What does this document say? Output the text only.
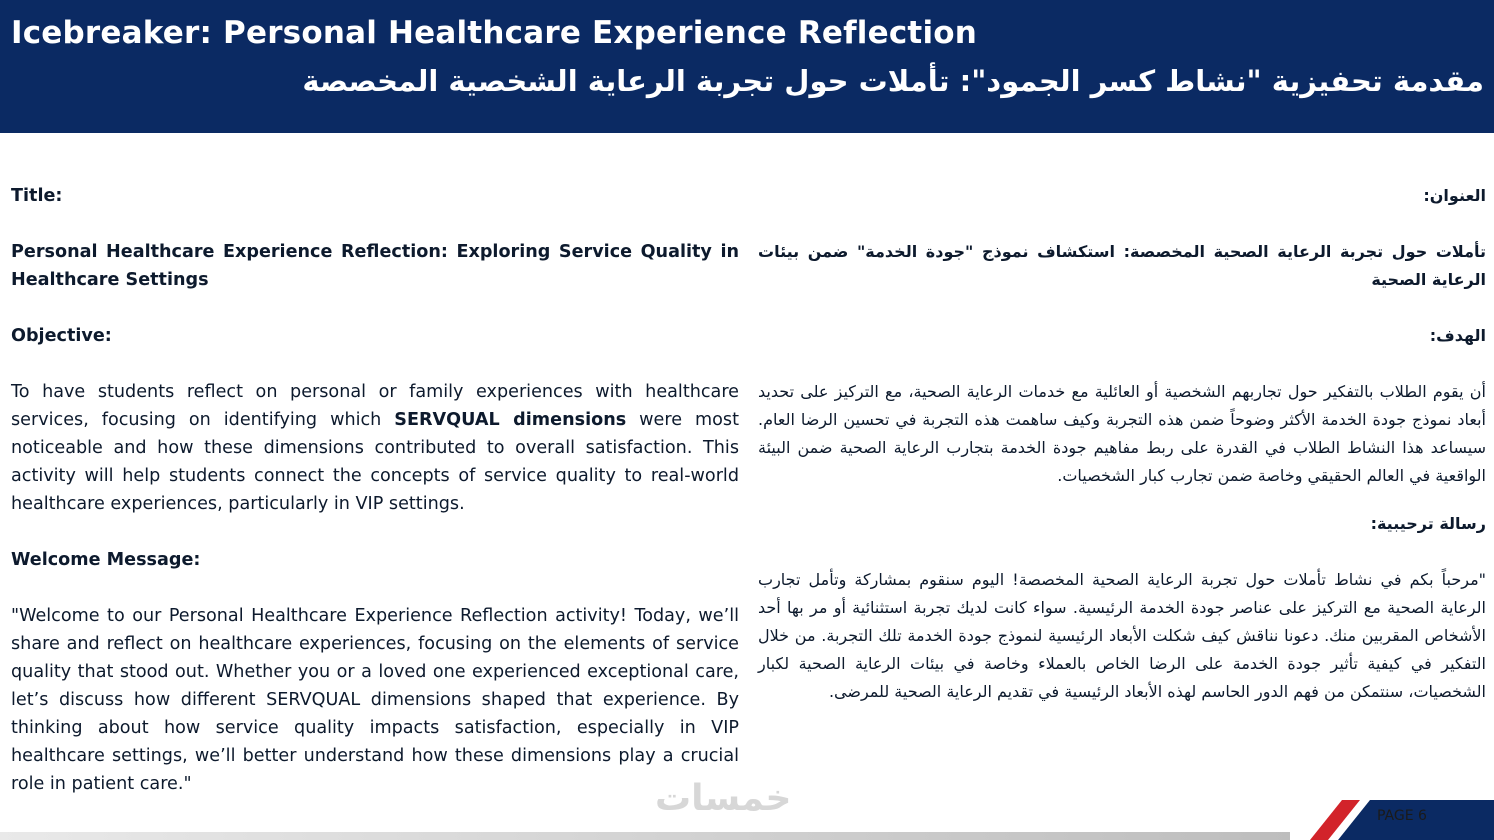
Icebreaker: Personal Healthcare Experience Reflection
مقدمة تحفيزية "نشاط كسر الجمود": تأملات حول تجربة الرعاية الشخصية المخصصة

Title:

Personal Healthcare Experience Reflection: Exploring Service Quality in Healthcare Settings

Objective:

To have students reflect on personal or family experiences with healthcare services, focusing on identifying which SERVQUAL dimensions were most noticeable and how these dimensions contributed to overall satisfaction. This activity will help students connect the concepts of service quality to real-world healthcare experiences, particularly in VIP settings.

Welcome Message:

"Welcome to our Personal Healthcare Experience Reflection activity! Today, we’ll share and reflect on healthcare experiences, focusing on the elements of service quality that stood out. Whether you or a loved one experienced exceptional care, let’s discuss how different SERVQUAL dimensions shaped that experience. By thinking about how service quality impacts satisfaction, especially in VIP healthcare settings, we’ll better understand how these dimensions play a crucial role in patient care."

العنوان:

تأملات حول تجربة الرعاية الصحية المخصصة: استكشاف نموذج "جودة الخدمة" ضمن بيئات الرعاية الصحية

الهدف:

أن يقوم الطلاب بالتفكير حول تجاربهم الشخصية أو العائلية مع خدمات الرعاية الصحية، مع التركيز على تحديد أبعاد نموذج جودة الخدمة الأكثر وضوحاً ضمن هذه التجربة وكيف ساهمت هذه التجربة في تحسين الرضا العام. سيساعد هذا النشاط الطلاب في القدرة على ربط مفاهيم جودة الخدمة بتجارب الرعاية الصحية ضمن البيئة الواقعية في العالم الحقيقي وخاصة ضمن تجارب كبار الشخصيات.

رسالة ترحيبية:

"مرحباً بكم في نشاط تأملات حول تجربة الرعاية الصحية المخصصة! اليوم سنقوم بمشاركة وتأمل تجارب الرعاية الصحية مع التركيز على عناصر جودة الخدمة الرئيسية. سواء كانت لديك تجربة استثنائية أو مر بها أحد الأشخاص المقربين منك. دعونا نناقش كيف شكلت الأبعاد الرئيسية لنموذج جودة الخدمة تلك التجربة. من خلال التفكير في كيفية تأثير جودة الخدمة على الرضا الخاص بالعملاء وخاصة في بيئات الرعاية الصحية لكبار الشخصيات، سنتمكن من فهم الدور الحاسم لهذه الأبعاد الرئيسية في تقديم الرعاية الصحية للمرضى.

خمسات	PAGE 6
